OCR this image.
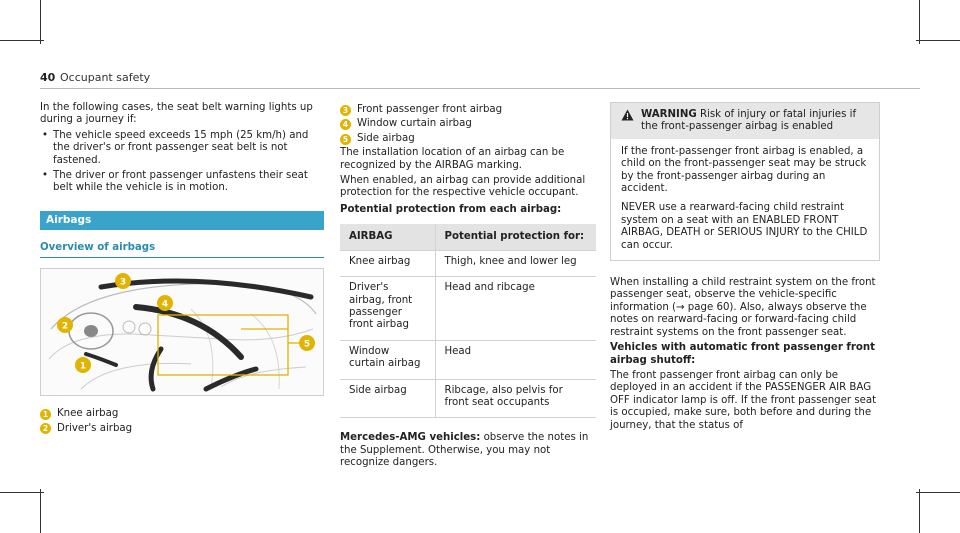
40 Occupant safety

In the following cases, the seat belt warning lights up during a journey if:

• The vehicle speed exceeds 15 mph (25 km/h) and the driver's or front passenger seat belt is not fastened.

• The driver or front passenger unfastens their seat belt while the vehicle is in motion.

Airbags
Overview of airbags
1
2
3
4
5
1 Knee airbag
2 Driver's airbag
3 Front passenger front airbag
4 Window curtain airbag
5 Side airbag

The installation location of an airbag can be recognized by the AIRBAG marking.

When enabled, an airbag can provide additional protection for the respective vehicle occupant.

Potential protection from each airbag:

AIRBAG	Potential protection for:
Knee airbag	Thigh, knee and lower leg
Driver's airbag, front passenger front airbag	Head and ribcage
Window curtain airbag	Head
Side airbag	Ribcage, also pelvis for front seat occupants

Mercedes-AMG vehicles: observe the notes in the Supplement. Otherwise, you may not recognize dangers.

WARNING Risk of injury or fatal injuries if the front-passenger airbag is enabled

If the front-passenger front airbag is enabled, a child on the front-passenger seat may be struck by the front-passenger airbag during an accident.

NEVER use a rearward-facing child restraint system on a seat with an ENABLED FRONT AIRBAG, DEATH or SERIOUS INJURY to the CHILD can occur.

When installing a child restraint system on the front passenger seat, observe the vehicle-specific information (→ page 60). Also, always observe the notes on rearward-facing or forward-facing child restraint systems on the front passenger seat.

Vehicles with automatic front passenger front airbag shutoff:

The front passenger front airbag can only be deployed in an accident if the PASSENGER AIR BAG OFF indicator lamp is off. If the front passenger seat is occupied, make sure, both before and during the journey, that the status of
